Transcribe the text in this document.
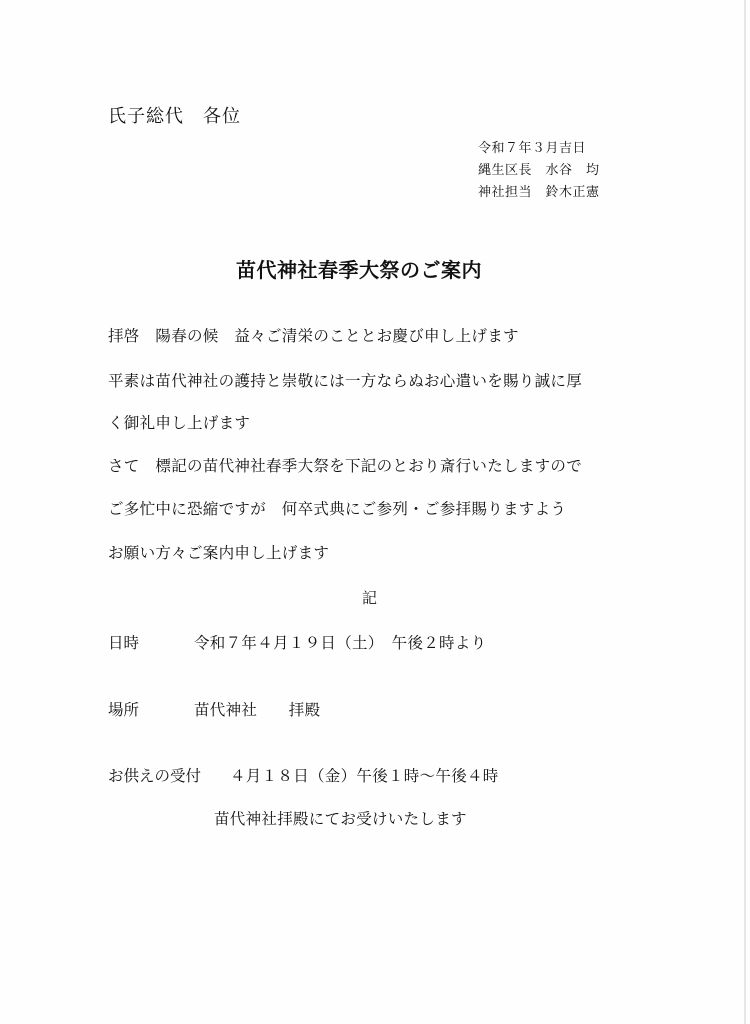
氏子総代　各位
令和７年３月吉日
縄生区長　水谷　均
神社担当　鈴木正憲
苗代神社春季大祭のご案内
拝啓　陽春の候　益々ご清栄のこととお慶び申し上げます
平素は苗代神社の護持と崇敬には一方ならぬお心遣いを賜り誠に厚
く御礼申し上げます
さて　標記の苗代神社春季大祭を下記のとおり斎行いたしますので
ご多忙中に恐縮ですが　何卒式典にご参列・ご参拝賜りますよう
お願い方々ご案内申し上げます
記
日時	令和７年４月１９日（土）　午後２時より
場所	苗代神社　　拝殿
お供えの受付 ４月１８日（金）午後１時～午後４時
苗代神社拝殿にてお受けいたします
